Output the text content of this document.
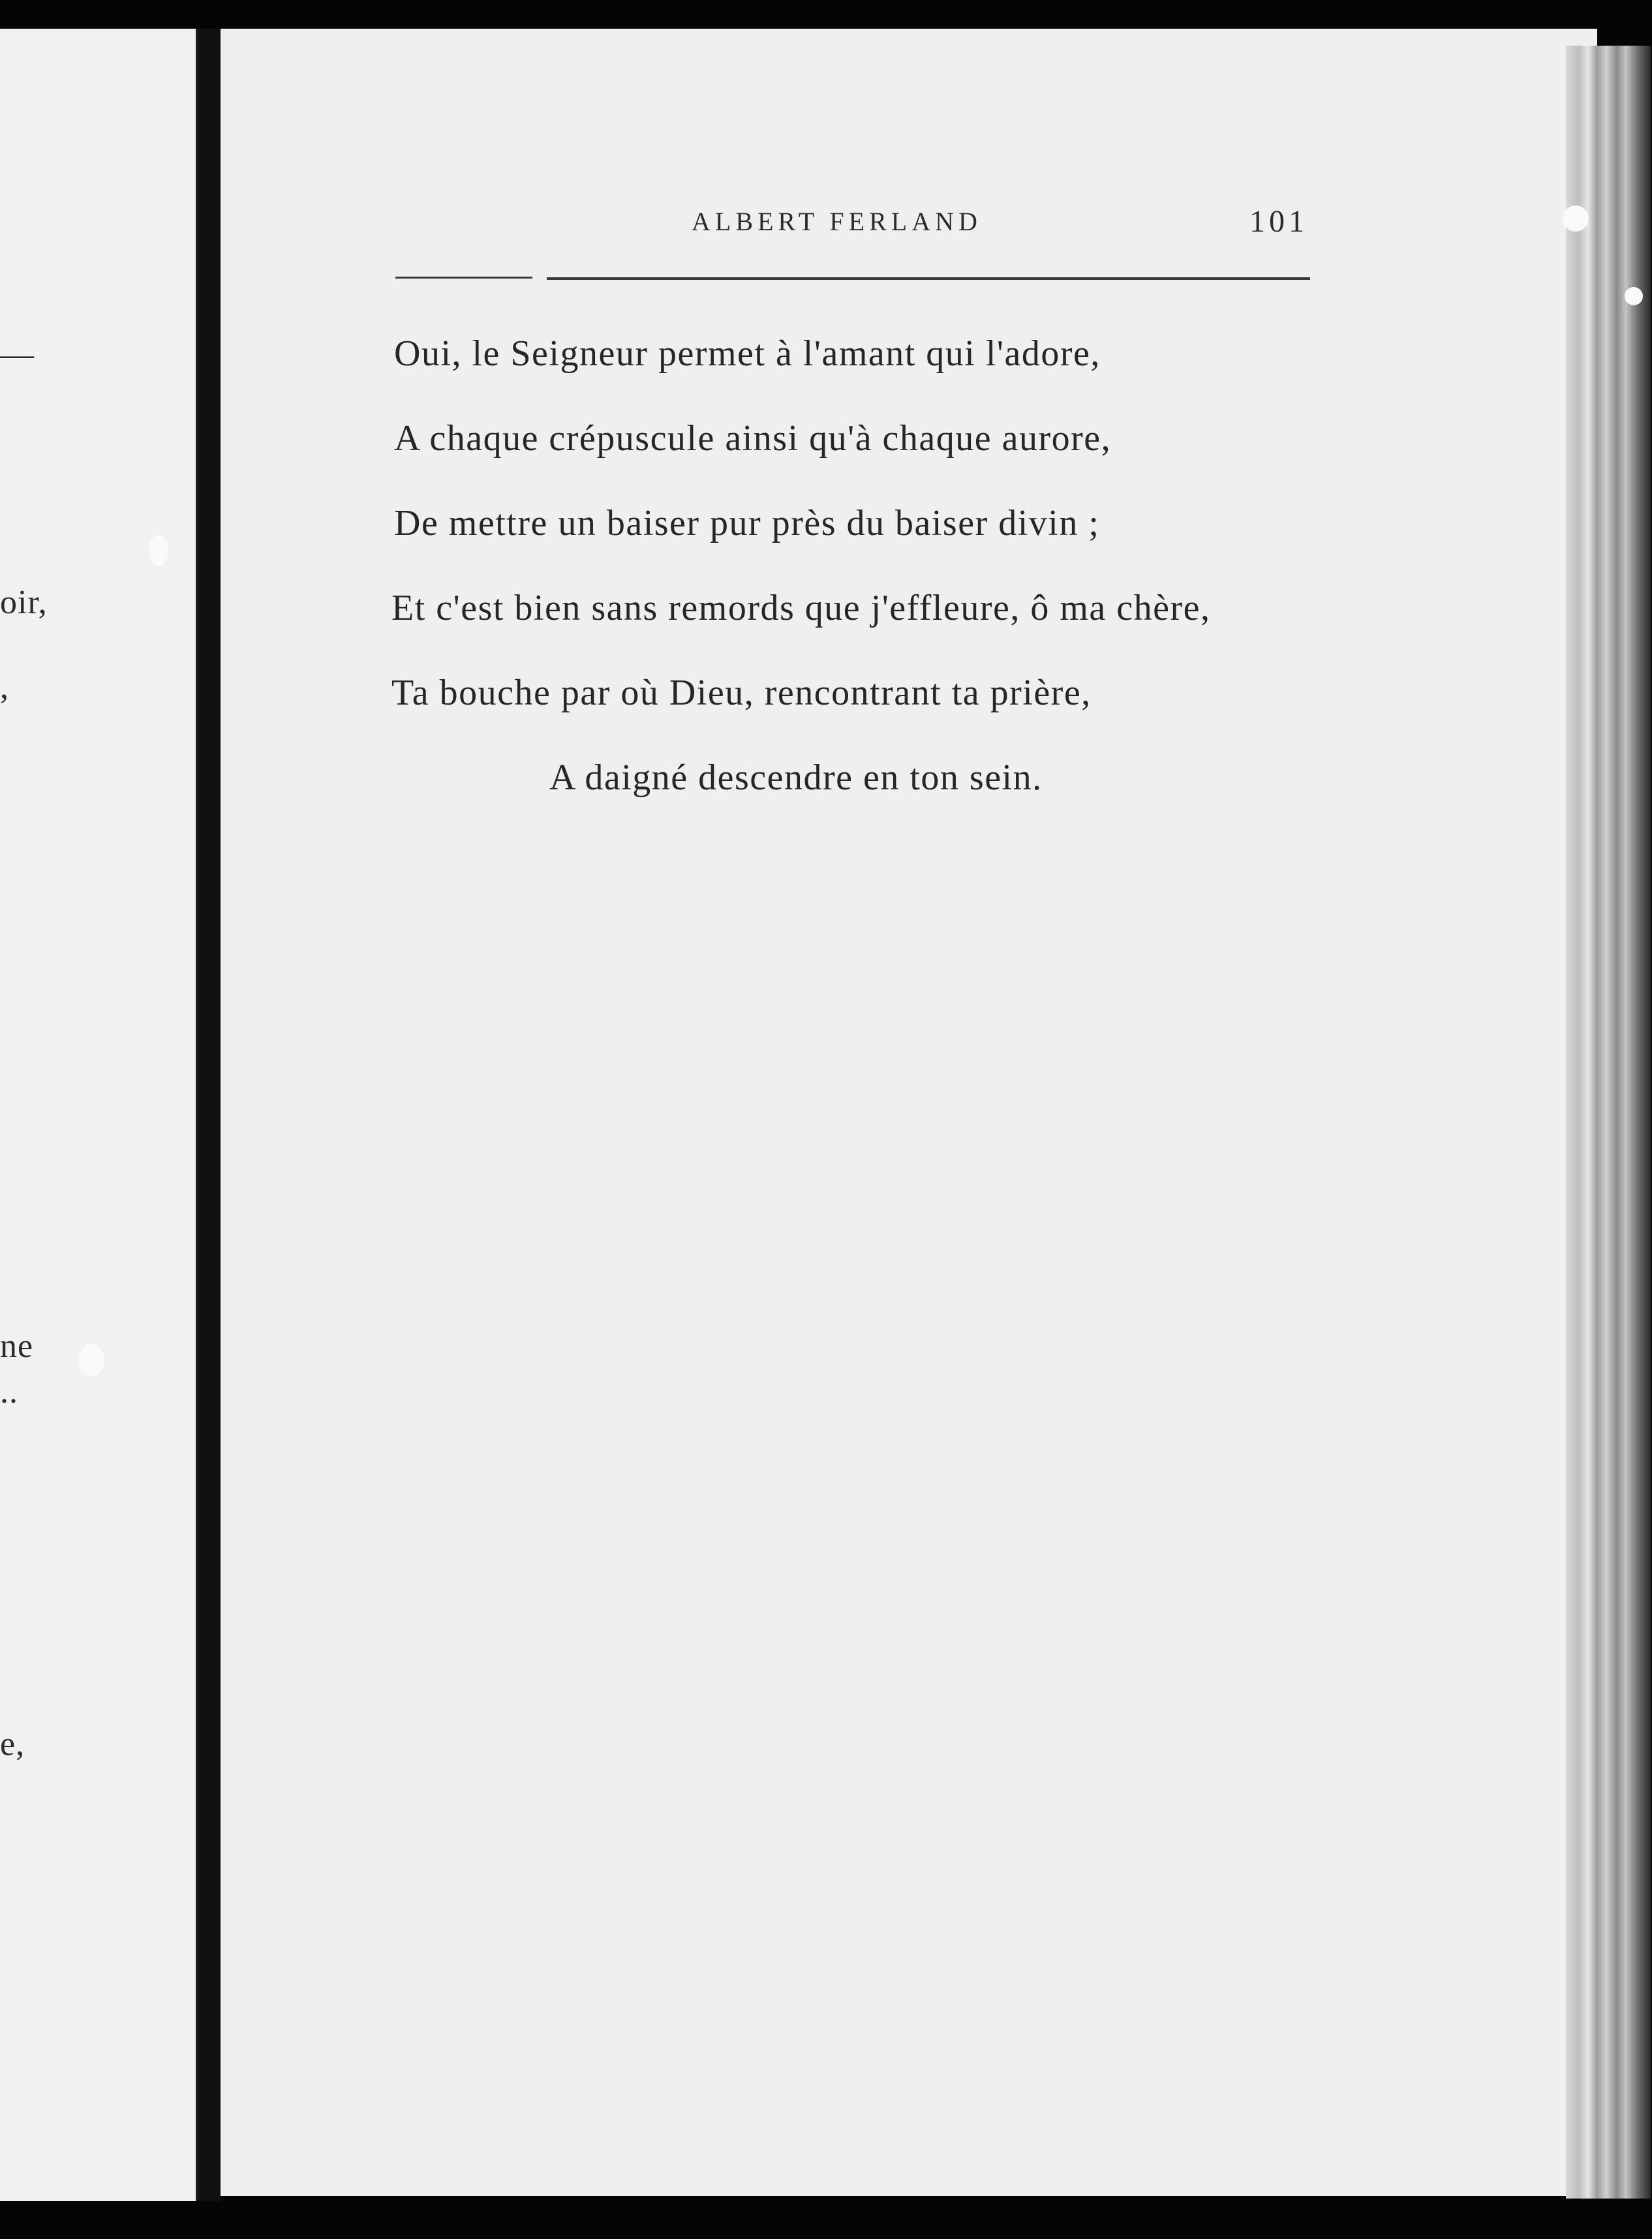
—
oir,
,
ne
..
e,
ALBERT FERLAND	101
Oui, le Seigneur permet à l'amant qui l'adore,
A chaque crépuscule ainsi qu'à chaque aurore,
De mettre un baiser pur près du baiser divin ;
Et c'est bien sans remords que j'effleure, ô ma chère,
Ta bouche par où Dieu, rencontrant ta prière,
A daigné descendre en ton sein.
